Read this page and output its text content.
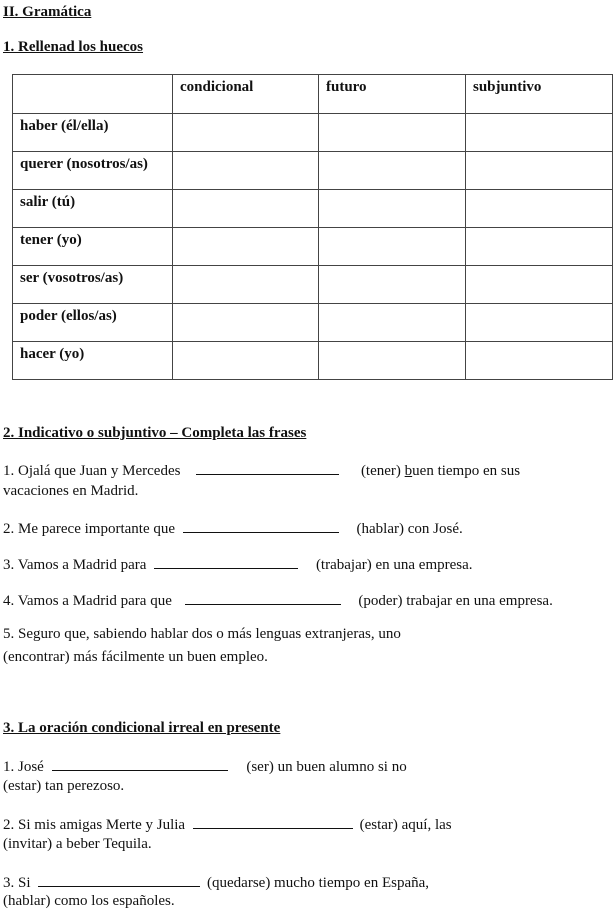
II. Gramática
1. Rellenad los huecos
	condicional	futuro	subjuntivo
haber (él/ella)			
querer (nosotros/as)			
salir (tú)			
tener (yo)			
ser (vosotros/as)			
poder (ellos/as)			
hacer (yo)			
2. Indicativo o subjuntivo – Completa las frases
1. Ojalá que Juan y Mercedes	(tener) buen tiempo en sus
vacaciones en Madrid.
2. Me parece importante que	(hablar) con José.
3. Vamos a Madrid para	(trabajar) en una empresa.
4. Vamos a Madrid para que	(poder) trabajar en una empresa.
5. Seguro que, sabiendo hablar dos o más lenguas extranjeras, uno
(encontrar) más fácilmente un buen empleo.
3. La oración condicional irreal en presente
1. José	(ser) un buen alumno si no
(estar) tan perezoso.
2. Si mis amigas Merte y Julia	(estar) aquí, las
(invitar) a beber Tequila.
3. Si	(quedarse) mucho tiempo en España,
(hablar) como los españoles.
